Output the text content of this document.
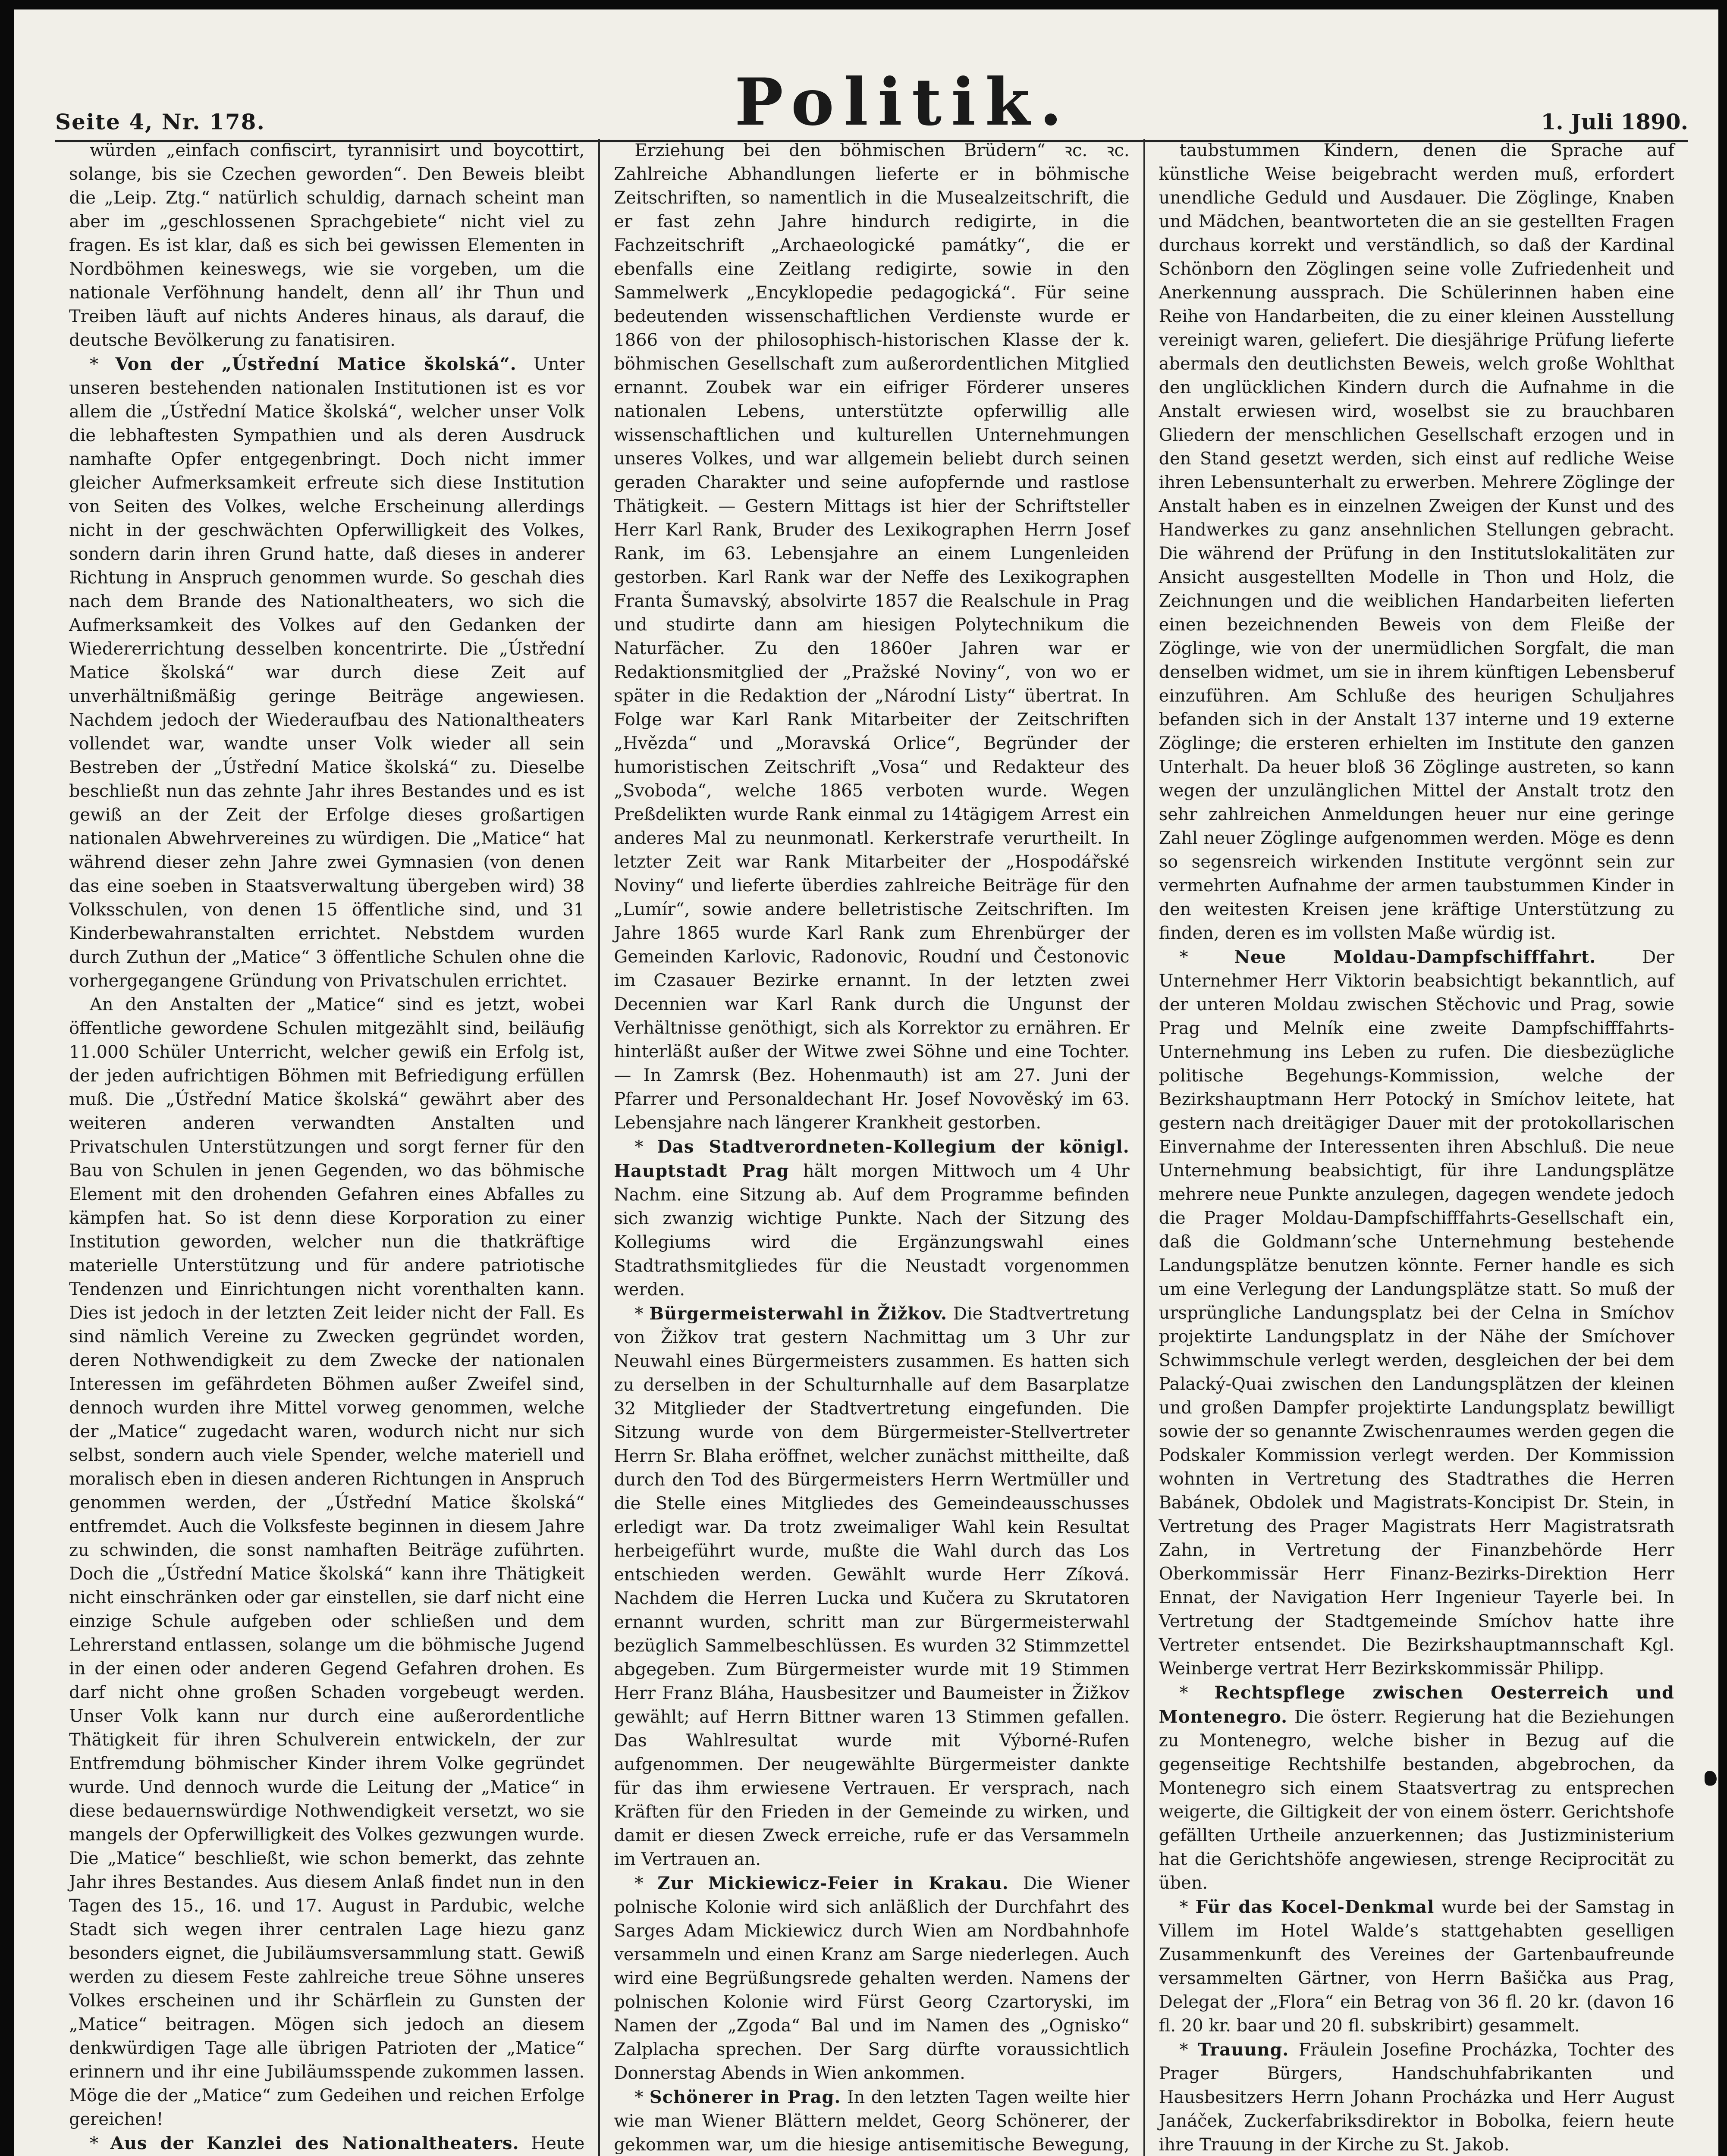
Seite 4, Nr. 178.	Politik.	1. Juli 1890.

würden „einfach confiscirt, tyrannisirt und boycottirt, solange, bis sie Czechen geworden“. Den Beweis bleibt die „Leip. Ztg.“ natürlich schuldig, darnach scheint man aber im „geschlossenen Sprachgebiete“ nicht viel zu fragen. Es ist klar, daß es sich bei gewissen Elementen in Nordböhmen keineswegs, wie sie vorgeben, um die nationale Verföhnung handelt, denn all’ ihr Thun und Treiben läuft auf nichts Anderes hinaus, als darauf, die deutsche Bevölkerung zu fanatisiren.

* Von der „Ústřední Matice školská“. Unter unseren bestehenden nationalen Institutionen ist es vor allem die „Ústřední Matice školská“, welcher unser Volk die lebhaftesten Sympathien und als deren Ausdruck namhafte Opfer entgegenbringt. Doch nicht immer gleicher Aufmerksamkeit erfreute sich diese Institution von Seiten des Volkes, welche Erscheinung allerdings nicht in der geschwächten Opferwilligkeit des Volkes, sondern darin ihren Grund hatte, daß dieses in anderer Richtung in Anspruch genommen wurde. So geschah dies nach dem Brande des Nationaltheaters, wo sich die Aufmerksamkeit des Volkes auf den Gedanken der Wiedererrichtung desselben koncentrirte. Die „Ústřední Matice školská“ war durch diese Zeit auf unverhältnißmäßig geringe Beiträge angewiesen. Nachdem jedoch der Wiederaufbau des Nationaltheaters vollendet war, wandte unser Volk wieder all sein Bestreben der „Ústřední Matice školská“ zu. Dieselbe beschließt nun das zehnte Jahr ihres Bestandes und es ist gewiß an der Zeit der Erfolge dieses großartigen nationalen Abwehrvereines zu würdigen. Die „Matice“ hat während dieser zehn Jahre zwei Gymnasien (von denen das eine soeben in Staatsverwaltung übergeben wird) 38 Volksschulen, von denen 15 öffentliche sind, und 31 Kinderbewahranstalten errichtet. Nebstdem wurden durch Zuthun der „Matice“ 3 öffentliche Schulen ohne die vorhergegangene Gründung von Privatschulen errichtet.

An den Anstalten der „Matice“ sind es jetzt, wobei öffentliche gewordene Schulen mitgezählt sind, beiläufig 11.000 Schüler Unterricht, welcher gewiß ein Erfolg ist, der jeden aufrichtigen Böhmen mit Befriedigung erfüllen muß. Die „Ústřední Matice školská“ gewährt aber des weiteren anderen verwandten Anstalten und Privatschulen Unterstützungen und sorgt ferner für den Bau von Schulen in jenen Gegenden, wo das böhmische Element mit den drohenden Gefahren eines Abfalles zu kämpfen hat. So ist denn diese Korporation zu einer Institution geworden, welcher nun die thatkräftige materielle Unterstützung und für andere patriotische Tendenzen und Einrichtungen nicht vorenthalten kann. Dies ist jedoch in der letzten Zeit leider nicht der Fall. Es sind nämlich Vereine zu Zwecken gegründet worden, deren Nothwendigkeit zu dem Zwecke der nationalen Interessen im gefährdeten Böhmen außer Zweifel sind, dennoch wurden ihre Mittel vorweg genommen, welche der „Matice“ zugedacht waren, wodurch nicht nur sich selbst, sondern auch viele Spender, welche materiell und moralisch eben in diesen anderen Richtungen in Anspruch genommen werden, der „Ústřední Matice školská“ entfremdet. Auch die Volksfeste beginnen in diesem Jahre zu schwinden, die sonst namhaften Beiträge zuführten. Doch die „Ústřední Matice školská“ kann ihre Thätigkeit nicht einschränken oder gar einstellen, sie darf nicht eine einzige Schule aufgeben oder schließen und dem Lehrerstand entlassen, solange um die böhmische Jugend in der einen oder anderen Gegend Gefahren drohen. Es darf nicht ohne großen Schaden vorgebeugt werden. Unser Volk kann nur durch eine außerordentliche Thätigkeit für ihren Schulverein entwickeln, der zur Entfremdung böhmischer Kinder ihrem Volke gegründet wurde. Und dennoch wurde die Leitung der „Matice“ in diese bedauernswürdige Nothwendigkeit versetzt, wo sie mangels der Opferwilligkeit des Volkes gezwungen wurde. Die „Matice“ beschließt, wie schon bemerkt, das zehnte Jahr ihres Bestandes. Aus diesem Anlaß findet nun in den Tagen des 15., 16. und 17. August in Pardubic, welche Stadt sich wegen ihrer centralen Lage hiezu ganz besonders eignet, die Jubiläumsversammlung statt. Gewiß werden zu diesem Feste zahlreiche treue Söhne unseres Volkes erscheinen und ihr Schärflein zu Gunsten der „Matice“ beitragen. Mögen sich jedoch an diesem denkwürdigen Tage alle übrigen Patrioten der „Matice“ erinnern und ihr eine Jubiläumsspende zukommen lassen. Möge die der „Matice“ zum Gedeihen und reichen Erfolge gereichen!

* Aus der Kanzlei des Nationaltheaters. Heute

Erziehung bei den böhmischen Brüdern“ ꝛc. ꝛc. Zahlreiche Abhandlungen lieferte er in böhmische Zeitschriften, so namentlich in die Musealzeitschrift, die er fast zehn Jahre hindurch redigirte, in die Fachzeitschrift „Archaeologické památky“, die er ebenfalls eine Zeitlang redigirte, sowie in den Sammelwerk „Encyklopedie pedagogická“. Für seine bedeutenden wissenschaftlichen Verdienste wurde er 1866 von der philosophisch-historischen Klasse der k. böhmischen Gesellschaft zum außerordentlichen Mitglied ernannt. Zoubek war ein eifriger Förderer unseres nationalen Lebens, unterstützte opferwillig alle wissenschaftlichen und kulturellen Unternehmungen unseres Volkes, und war allgemein beliebt durch seinen geraden Charakter und seine aufopfernde und rastlose Thätigkeit. — Gestern Mittags ist hier der Schriftsteller Herr Karl Rank, Bruder des Lexikographen Herrn Josef Rank, im 63. Lebensjahre an einem Lungenleiden gestorben. Karl Rank war der Neffe des Lexikographen Franta Šumavský, absolvirte 1857 die Realschule in Prag und studirte dann am hiesigen Polytechnikum die Naturfächer. Zu den 1860er Jahren war er Redaktionsmitglied der „Pražské Noviny“, von wo er später in die Redaktion der „Národní Listy“ übertrat. In Folge war Karl Rank Mitarbeiter der Zeitschriften „Hvězda“ und „Moravská Orlice“, Begründer der humoristischen Zeitschrift „Vosa“ und Redakteur des „Svoboda“, welche 1865 verboten wurde. Wegen Preßdelikten wurde Rank einmal zu 14tägigem Arrest ein anderes Mal zu neunmonatl. Kerkerstrafe verurtheilt. In letzter Zeit war Rank Mitarbeiter der „Hospodářské Noviny“ und lieferte überdies zahlreiche Beiträge für den „Lumír“, sowie andere belletristische Zeitschriften. Im Jahre 1865 wurde Karl Rank zum Ehrenbürger der Gemeinden Karlovic, Radonovic, Roudní und Čestonovic im Czasauer Bezirke ernannt. In der letzten zwei Decennien war Karl Rank durch die Ungunst der Verhältnisse genöthigt, sich als Korrektor zu ernähren. Er hinterläßt außer der Witwe zwei Söhne und eine Tochter. — In Zamrsk (Bez. Hohenmauth) ist am 27. Juni der Pfarrer und Personaldechant Hr. Josef Novověský im 63. Lebensjahre nach längerer Krankheit gestorben.

* Das Stadtverordneten-Kollegium der königl. Hauptstadt Prag hält morgen Mittwoch um 4 Uhr Nachm. eine Sitzung ab. Auf dem Programme befinden sich zwanzig wichtige Punkte. Nach der Sitzung des Kollegiums wird die Ergänzungswahl eines Stadtrathsmitgliedes für die Neustadt vorgenommen werden.

* Bürgermeisterwahl in Žižkov. Die Stadtvertretung von Žižkov trat gestern Nachmittag um 3 Uhr zur Neuwahl eines Bürgermeisters zusammen. Es hatten sich zu derselben in der Schulturnhalle auf dem Basarplatze 32 Mitglieder der Stadtvertretung eingefunden. Die Sitzung wurde von dem Bürgermeister-Stellvertreter Herrn Sr. Blaha eröffnet, welcher zunächst mittheilte, daß durch den Tod des Bürgermeisters Herrn Wertmüller und die Stelle eines Mitgliedes des Gemeindeausschusses erledigt war. Da trotz zweimaliger Wahl kein Resultat herbeigeführt wurde, mußte die Wahl durch das Los entschieden werden. Gewählt wurde Herr Zíková. Nachdem die Herren Lucka und Kučera zu Skrutatoren ernannt wurden, schritt man zur Bürgermeisterwahl bezüglich Sammelbeschlüssen. Es wurden 32 Stimmzettel abgegeben. Zum Bürgermeister wurde mit 19 Stimmen Herr Franz Bláha, Hausbesitzer und Baumeister in Žižkov gewählt; auf Herrn Bittner waren 13 Stimmen gefallen. Das Wahlresultat wurde mit Výborné-Rufen aufgenommen. Der neugewählte Bürgermeister dankte für das ihm erwiesene Vertrauen. Er versprach, nach Kräften für den Frieden in der Gemeinde zu wirken, und damit er diesen Zweck erreiche, rufe er das Versammeln im Vertrauen an.

* Zur Mickiewicz-Feier in Krakau. Die Wiener polnische Kolonie wird sich anläßlich der Durchfahrt des Sarges Adam Mickiewicz durch Wien am Nordbahnhofe versammeln und einen Kranz am Sarge niederlegen. Auch wird eine Begrüßungsrede gehalten werden. Namens der polnischen Kolonie wird Fürst Georg Czartoryski, im Namen der „Zgoda“ Bal und im Namen des „Ognisko“ Zalplacha sprechen. Der Sarg dürfte voraussichtlich Donnerstag Abends in Wien ankommen.

* Schönerer in Prag. In den letzten Tagen weilte hier wie man Wiener Blättern meldet, Georg Schönerer, der gekommen war, um die hiesige antisemitische Bewegung,

taubstummen Kindern, denen die Sprache auf künstliche Weise beigebracht werden muß, erfordert unendliche Geduld und Ausdauer. Die Zöglinge, Knaben und Mädchen, beantworteten die an sie gestellten Fragen durchaus korrekt und verständlich, so daß der Kardinal Schönborn den Zöglingen seine volle Zufriedenheit und Anerkennung aussprach. Die Schülerinnen haben eine Reihe von Handarbeiten, die zu einer kleinen Ausstellung vereinigt waren, geliefert. Die diesjährige Prüfung lieferte abermals den deutlichsten Beweis, welch große Wohlthat den unglücklichen Kindern durch die Aufnahme in die Anstalt erwiesen wird, woselbst sie zu brauchbaren Gliedern der menschlichen Gesellschaft erzogen und in den Stand gesetzt werden, sich einst auf redliche Weise ihren Lebensunterhalt zu erwerben. Mehrere Zöglinge der Anstalt haben es in einzelnen Zweigen der Kunst und des Handwerkes zu ganz ansehnlichen Stellungen gebracht. Die während der Prüfung in den Institutslokalitäten zur Ansicht ausgestellten Modelle in Thon und Holz, die Zeichnungen und die weiblichen Handarbeiten lieferten einen bezeichnenden Beweis von dem Fleiße der Zöglinge, wie von der unermüdlichen Sorgfalt, die man denselben widmet, um sie in ihrem künftigen Lebensberuf einzuführen. Am Schluße des heurigen Schuljahres befanden sich in der Anstalt 137 interne und 19 externe Zöglinge; die ersteren erhielten im Institute den ganzen Unterhalt. Da heuer bloß 36 Zöglinge austreten, so kann wegen der unzulänglichen Mittel der Anstalt trotz den sehr zahlreichen Anmeldungen heuer nur eine geringe Zahl neuer Zöglinge aufgenommen werden. Möge es denn so segensreich wirkenden Institute vergönnt sein zur vermehrten Aufnahme der armen taubstummen Kinder in den weitesten Kreisen jene kräftige Unterstützung zu finden, deren es im vollsten Maße würdig ist.

* Neue Moldau-Dampfschifffahrt.	Der Unternehmer Herr Viktorin beabsichtigt bekanntlich, auf der unteren Moldau zwischen Stěchovic und Prag, sowie Prag und Melník eine zweite Dampfschifffahrts-Unternehmung ins Leben zu rufen. Die diesbezügliche politische Begehungs-Kommission, welche der Bezirkshauptmann Herr Potocký in Smíchov leitete, hat gestern nach dreitägiger Dauer mit der protokollarischen Einvernahme der Interessenten ihren Abschluß. Die neue Unternehmung beabsichtigt, für ihre Landungsplätze mehrere neue Punkte anzulegen, dagegen wendete jedoch die Prager Moldau-Dampfschifffahrts-Gesellschaft ein, daß die Goldmann’sche Unternehmung bestehende Landungsplätze benutzen könnte. Ferner handle es sich um eine Verlegung der Landungsplätze statt. So muß der ursprüngliche Landungsplatz bei der Celna in Smíchov projektirte Landungsplatz in der Nähe der Smíchover Schwimmschule verlegt werden, desgleichen der bei dem Palacký-Quai zwischen den Landungsplätzen der kleinen und großen Dampfer projektirte Landungsplatz bewilligt sowie der so genannte Zwischenraumes werden gegen die Podskaler Kommission verlegt werden. Der Kommission wohnten in Vertretung des Stadtrathes die Herren Babánek, Obdolek und Magistrats-Koncipist Dr. Stein, in Vertretung des Prager Magistrats Herr Magistratsrath Zahn, in Vertretung der Finanzbehörde Herr Oberkommissär Herr Finanz-Bezirks-Direktion Herr Ennat, der Navigation Herr Ingenieur Tayerle bei. In Vertretung der Stadtgemeinde Smíchov hatte ihre Vertreter entsendet. Die Bezirkshauptmannschaft Kgl. Weinberge vertrat Herr Bezirkskommissär Philipp.

* Rechtspflege zwischen Oesterreich und Montenegro. Die österr. Regierung hat die Beziehungen zu Montenegro, welche bisher in Bezug auf die gegenseitige Rechtshilfe bestanden, abgebrochen, da Montenegro sich einem Staatsvertrag zu entsprechen weigerte, die Giltigkeit der von einem österr. Gerichtshofe gefällten Urtheile anzuerkennen; das Justizministerium hat die Gerichtshöfe angewiesen, strenge Reciprocität zu üben.

* Für das Kocel-Denkmal wurde bei der Samstag in Villem im Hotel Walde’s stattgehabten geselligen Zusammenkunft des Vereines der Gartenbaufreunde versammelten Gärtner, von Herrn Bašička aus Prag, Delegat der „Flora“ ein Betrag von 36 fl. 20 kr. (davon 16 fl. 20 kr. baar und 20 fl. subskribirt) gesammelt.

* Trauung. Fräulein Josefine Procházka, Tochter des Prager Bürgers, Handschuhfabrikanten und Hausbesitzers Herrn Johann Procházka und Herr August Janáček, Zuckerfabriksdirektor in Bobolka, feiern heute ihre Trauung in der Kirche zu St. Jakob.
